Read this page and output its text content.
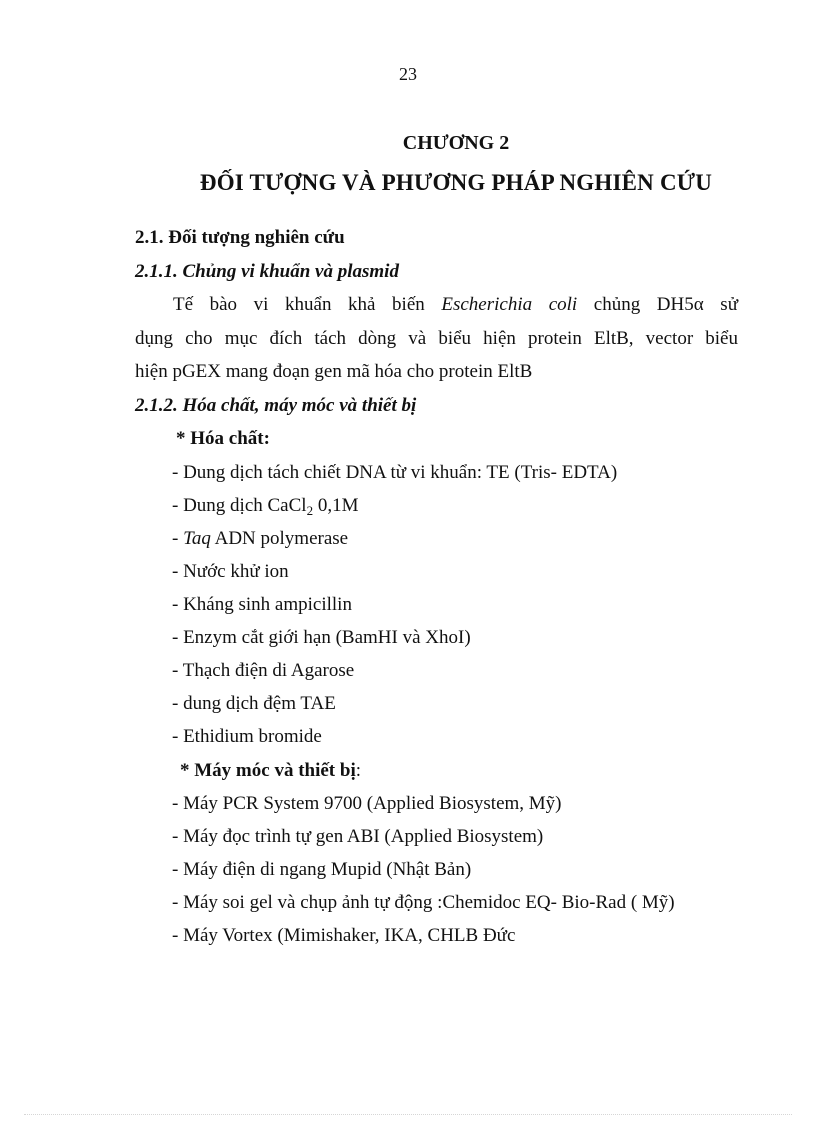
23
CHƯƠNG 2
ĐỐI TƯỢNG VÀ PHƯƠNG PHÁP NGHIÊN CỨU
2.1. Đối tượng nghiên cứu
2.1.1. Chủng vi khuẩn và plasmid
Tế bào vi khuẩn khả biến Escherichia coli chủng DH5α sử
dụng cho mục đích tách dòng và biểu hiện protein EltB, vector biểu
hiện pGEX mang đoạn gen mã hóa cho protein EltB
2.1.2. Hóa chất, máy móc và thiết bị
* Hóa chất:
- Dung dịch tách chiết DNA từ vi khuẩn: TE (Tris- EDTA)
- Dung dịch CaCl$_2$ 0,1M
- Taq ADN polymerase
- Nước khử ion
- Kháng sinh ampicillin
- Enzym cắt giới hạn (BamHI và XhoI)
- Thạch điện di Agarose
- dung dịch đệm TAE
- Ethidium bromide
* Máy móc và thiết bị:
- Máy PCR System 9700 (Applied Biosystem, Mỹ)
- Máy đọc trình tự gen ABI (Applied Biosystem)
- Máy điện di ngang Mupid (Nhật Bản)
- Máy soi gel và chụp ảnh tự động :Chemidoc EQ- Bio-Rad ( Mỹ)
- Máy Vortex (Mimishaker, IKA, CHLB Đức
